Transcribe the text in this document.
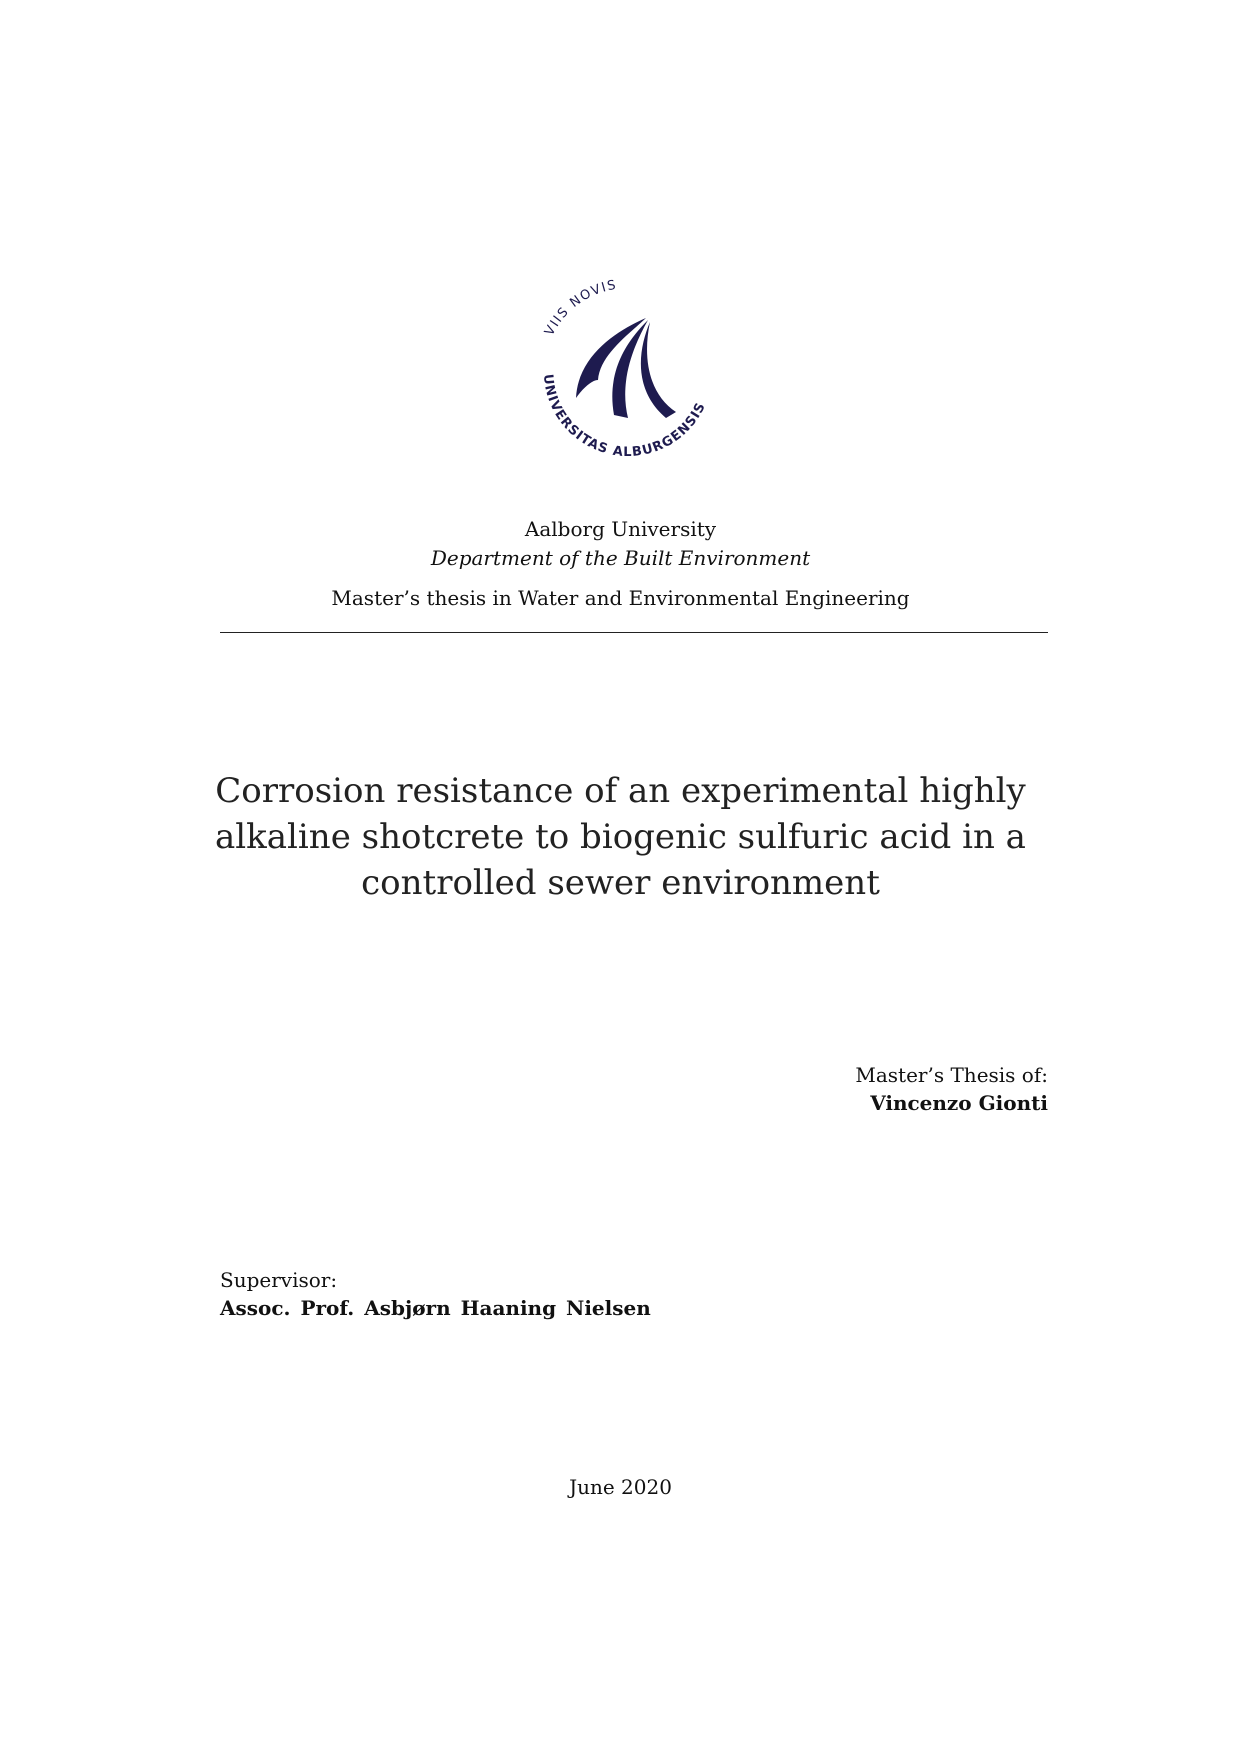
VIIS NOVIS
UNIVERSITAS ALBURGENSIS
Aalborg University
Department of the Built Environment
Master’s thesis in Water and Environmental Engineering
Corrosion resistance of an experimental highly alkaline shotcrete to biogenic sulfuric acid in a controlled sewer environment
Master’s Thesis of:
Vincenzo Gionti
Supervisor:
Assoc. Prof. Asbjørn Haaning Nielsen
June 2020
